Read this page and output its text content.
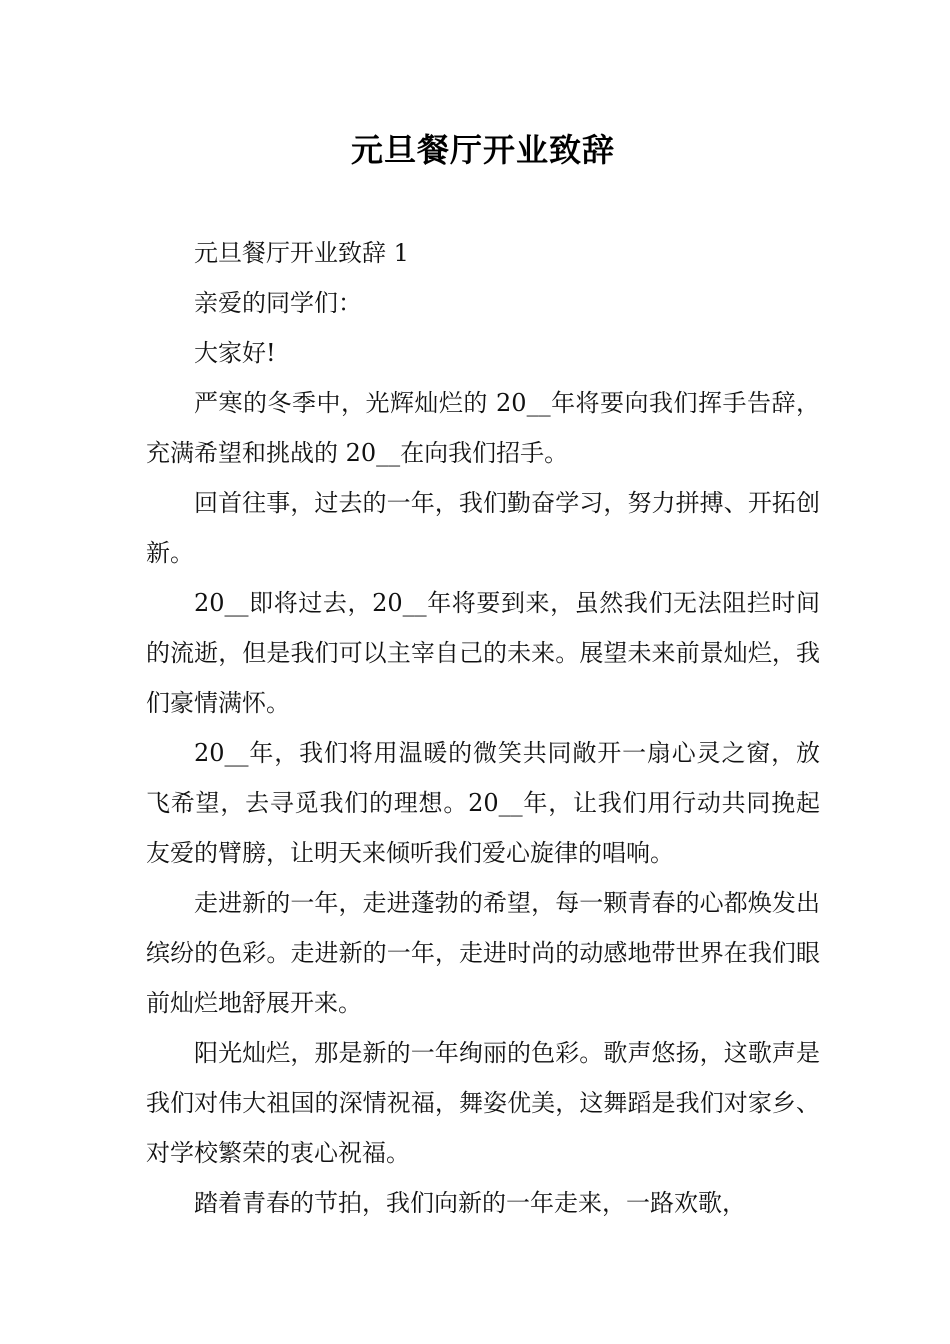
元旦餐厅开业致辞

元旦餐厅开业致辞 1

亲爱的同学们：

大家好!

严寒的冬季中，光辉灿烂的 20__年将要向我们挥手告辞，充满希望和挑战的 20__在向我们招手。

回首往事，过去的一年，我们勤奋学习，努力拼搏、开拓创新。

20__即将过去，20__年将要到来，虽然我们无法阻拦时间的流逝，但是我们可以主宰自己的未来。展望未来前景灿烂，我们豪情满怀。

20__年，我们将用温暖的微笑共同敞开一扇心灵之窗，放飞希望，去寻觅我们的理想。20__年，让我们用行动共同挽起友爱的臂膀，让明天来倾听我们爱心旋律的唱响。

走进新的一年，走进蓬勃的希望，每一颗青春的心都焕发出缤纷的色彩。走进新的一年，走进时尚的动感地带世界在我们眼前灿烂地舒展开来。

阳光灿烂，那是新的一年绚丽的色彩。歌声悠扬，这歌声是我们对伟大祖国的深情祝福，舞姿优美，这舞蹈是我们对家乡、对学校繁荣的衷心祝福。

踏着青春的节拍，我们向新的一年走来，一路欢歌，
